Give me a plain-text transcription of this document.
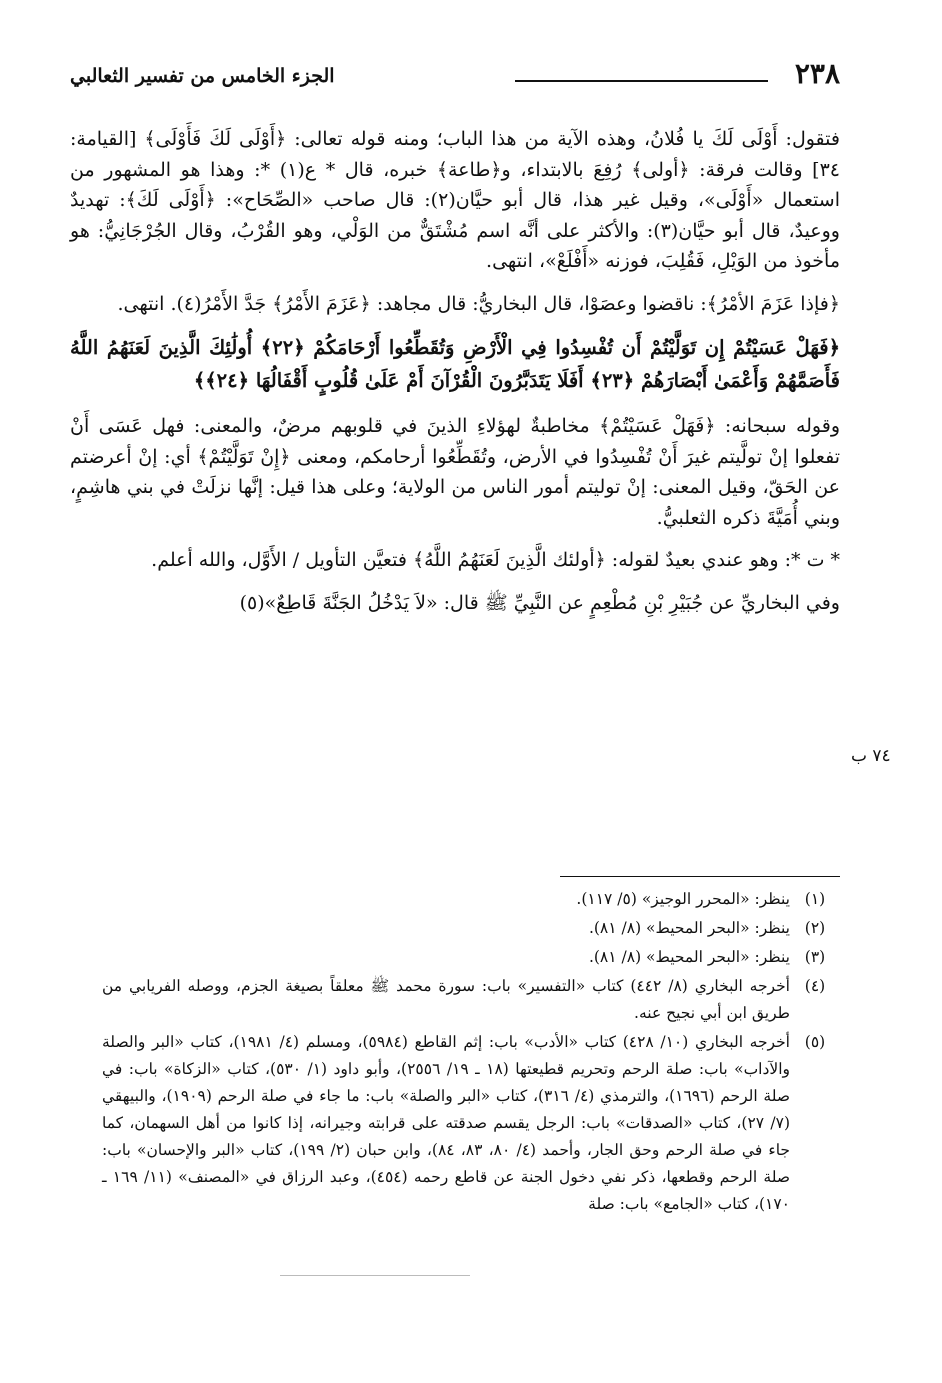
٢٣٨
الجزء الخامس من تفسير الثعالبي

فتقول: أَوْلَى لَكَ يا فُلانُ، وهذه الآية من هذا الباب؛ ومنه قوله تعالى: ﴿أَوْلَى لَكَ فَأَوْلَى﴾ [القيامة: ٣٤] وقالت فرقة: ﴿أولى﴾ رُفِعَ بالابتداء، و﴿طاعة﴾ خبره، قال * ع(١) *: وهذا هو المشهور من استعمال «أَوْلَى»، وقيل غير هذا، قال أبو حيَّان(٢): قال صاحب «الصِّحَاح»: ﴿أَوْلَى لَكَ﴾: تهديدٌ ووعيدٌ، قال أبو حيَّان(٣): والأكثر على أنَّه اسم مُشْتَقٌّ من الوَلْي، وهو القُرْبُ، وقال الجُرْجَانِيُّ: هو مأخوذ من الوَيْلِ، فَقُلِبَ، فوزنه «أَفْلَعْ»، انتهى.

﴿فإذا عَزَمَ الأمْرُ﴾: ناقضوا وعصَوْا، قال البخاريُّ: قال مجاهد: ﴿عَزَمَ الأَمْرُ﴾ جَدَّ الأَمْرُ(٤). انتهى.

﴿فَهَلْ عَسَيْتُمْ إِن تَوَلَّيْتُمْ أَن تُفْسِدُوا فِي الْأَرْضِ وَتُقَطِّعُوا أَرْحَامَكُمْ ﴿٢٢﴾ أُولَٰئِكَ الَّذِينَ لَعَنَهُمُ اللَّهُ فَأَصَمَّهُمْ وَأَعْمَىٰ أَبْصَارَهُمْ ﴿٢٣﴾ أَفَلَا يَتَدَبَّرُونَ الْقُرْآنَ أَمْ عَلَىٰ قُلُوبٍ أَقْفَالُهَا ﴿٢٤﴾﴾

وقوله سبحانه: ﴿فَهَلْ عَسَيْتُمْ﴾ مخاطبةٌ لهؤلاءِ الذينَ في قلوبهم مرضٌ، والمعنى: فهل عَسَى أَنْ تفعلوا إنْ تولَّيتم غيرَ أَنْ تُفْسِدُوا في الأرض، وتُقَطِّعُوا أرحامكم، ومعنى ﴿إِنْ تَوَلَّيْتُمْ﴾ أي: إنْ أعرضتم عن الحَقّ، وقيل المعنى: إنْ توليتم أمور الناس من الولاية؛ وعلى هذا قيل: إنَّها نزلَتْ في بني هاشِمٍ، وبني أُمَيَّةَ ذكره الثعلبيُّ.

* ت *: وهو عندي بعيدٌ لقوله: ﴿أولئك الَّذِينَ لَعَنَهُمُ اللَّهُ﴾ فتعيَّن التأويل / الأَوَّل، والله أعلم.

وفي البخاريِّ عن جُبَيْرِ بْنِ مُطْعِمٍ عن النَّبِيِّ ﷺ قال: «لاَ يَدْخُلُ الجَنَّةَ قَاطِعٌ»(٥)

٧٤ ب
(١)
ينظر: «المحرر الوجيز» (٥/ ١١٧).
(٢)
ينظر: «البحر المحيط» (٨/ ٨١).
(٣)
ينظر: «البحر المحيط» (٨/ ٨١).
(٤)
أخرجه البخاري (٨/ ٤٤٢) كتاب «التفسير» باب: سورة محمد ﷺ معلقاً بصيغة الجزم، ووصله الفريابي من طريق ابن أبي نجيح عنه.
(٥)
أخرجه البخاري (١٠/ ٤٢٨) كتاب «الأدب» باب: إثم القاطع (٥٩٨٤)، ومسلم (٤/ ١٩٨١)، كتاب «البر والصلة والآداب» باب: صلة الرحم وتحريم قطيعتها (١٨ ـ ١٩/ ٢٥٥٦)، وأبو داود (١/ ٥٣٠)، كتاب «الزكاة» باب: في صلة الرحم (١٦٩٦)، والترمذي (٤/ ٣١٦)، كتاب «البر والصلة» باب: ما جاء في صلة الرحم (١٩٠٩)، والبيهقي (٧/ ٢٧)، كتاب «الصدقات» باب: الرجل يقسم صدقته على قرابته وجيرانه، إذا كانوا من أهل السهمان، كما جاء في صلة الرحم وحق الجار، وأحمد (٤/ ٨٠، ٨٣، ٨٤)، وابن حبان (٢/ ١٩٩)، كتاب «البر والإحسان» باب: صلة الرحم وقطعها، ذكر نفي دخول الجنة عن قاطع رحمه (٤٥٤)، وعبد الرزاق في «المصنف» (١١/ ١٦٩ ـ ١٧٠)، كتاب «الجامع» باب: صلة
